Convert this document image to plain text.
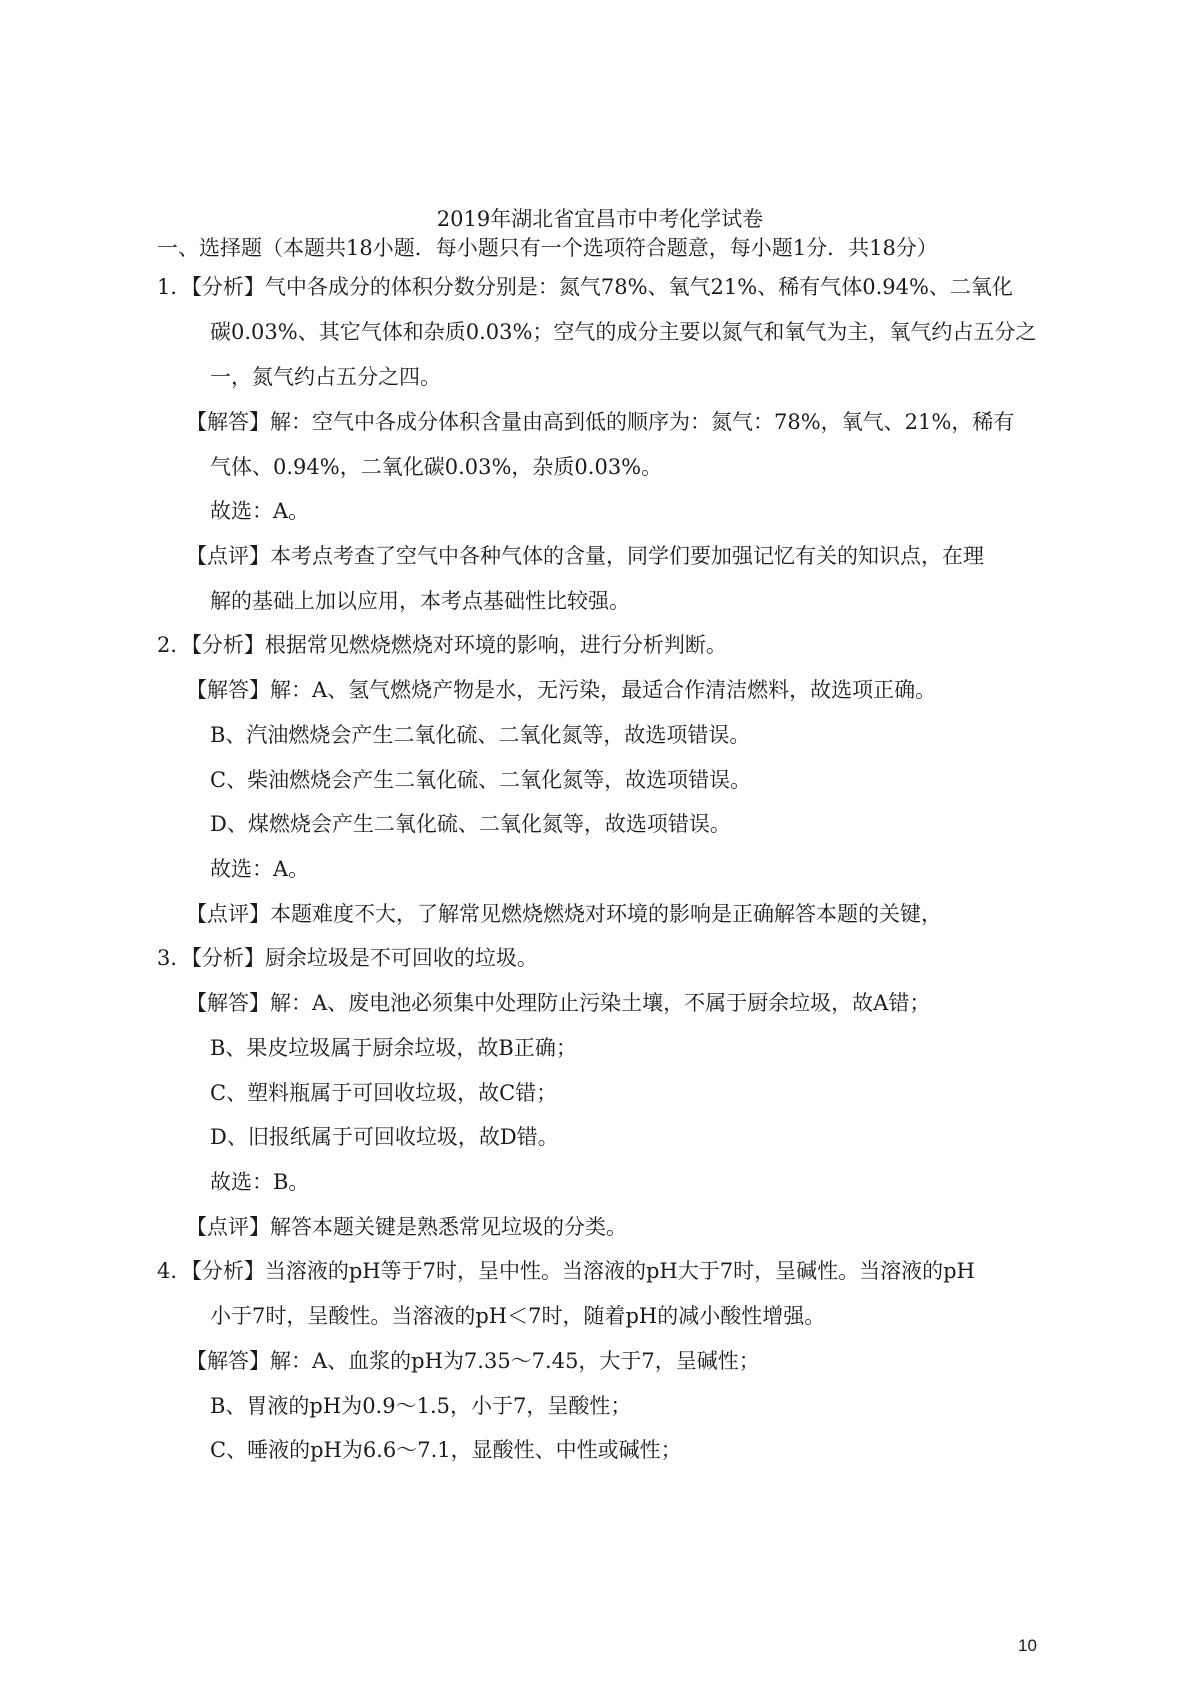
2019年湖北省宜昌市中考化学试卷
一、选择题（本题共18小题．每小题只有一个选项符合题意，每小题1分．共18分）
1．【分析】气中各成分的体积分数分别是：氮气78%、氧气21%、稀有气体0.94%、二氧化
碳0.03%、其它气体和杂质0.03%；空气的成分主要以氮气和氧气为主，氧气约占五分之
一，氮气约占五分之四。
【解答】解：空气中各成分体积含量由高到低的顺序为：氮气：78%，氧气、21%，稀有
气体、0.94%，二氧化碳0.03%，杂质0.03%。
故选：A。
【点评】本考点考查了空气中各种气体的含量，同学们要加强记忆有关的知识点，在理
解的基础上加以应用，本考点基础性比较强。
2．【分析】根据常见燃烧燃烧对环境的影响，进行分析判断。
【解答】解：A、氢气燃烧产物是水，无污染，最适合作清洁燃料，故选项正确。
B、汽油燃烧会产生二氧化硫、二氧化氮等，故选项错误。
C、柴油燃烧会产生二氧化硫、二氧化氮等，故选项错误。
D、煤燃烧会产生二氧化硫、二氧化氮等，故选项错误。
故选：A。
【点评】本题难度不大，了解常见燃烧燃烧对环境的影响是正确解答本题的关键，
3．【分析】厨余垃圾是不可回收的垃圾。
【解答】解：A、废电池必须集中处理防止污染土壤，不属于厨余垃圾，故A错；
B、果皮垃圾属于厨余垃圾，故B正确；
C、塑料瓶属于可回收垃圾，故C错；
D、旧报纸属于可回收垃圾，故D错。
故选：B。
【点评】解答本题关键是熟悉常见垃圾的分类。
4．【分析】当溶液的pH等于7时，呈中性。当溶液的pH大于7时，呈碱性。当溶液的pH
小于7时，呈酸性。当溶液的pH＜7时，随着pH的减小酸性增强。
【解答】解：A、血浆的pH为7.35～7.45，大于7，呈碱性；
B、胃液的pH为0.9～1.5，小于7，呈酸性；
C、唾液的pH为6.6～7.1，显酸性、中性或碱性；
10
